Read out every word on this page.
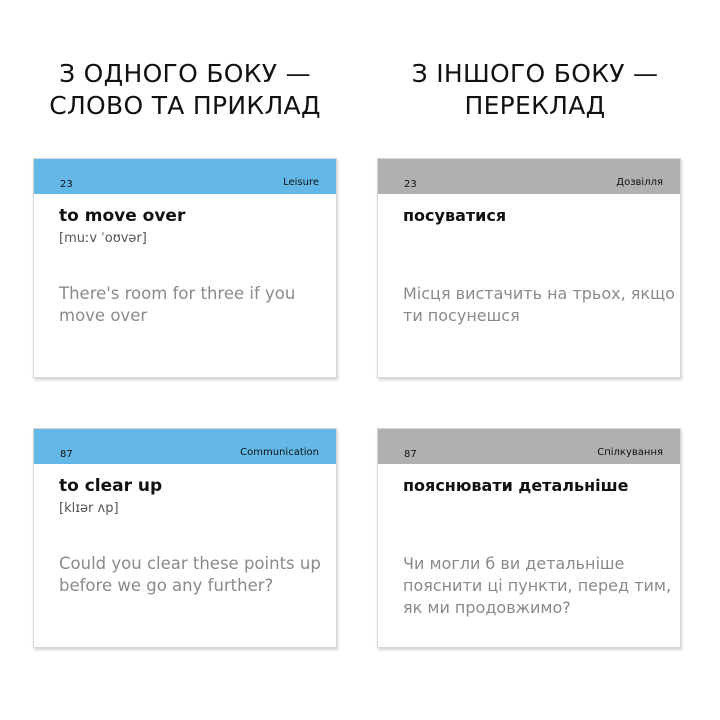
З ОДНОГО БОКУ —
СЛОВО ТА ПРИКЛАД
З ІНШОГО БОКУ —
ПЕРЕКЛАД
23	Leisure
to move over
[muːv ˈoʊvər]
There's room for three if you move over
23	Дозвілля
посуватися
Місця вистачить на трьох, якщо ти посунешся
87	Communication
to clear up
[klɪər ʌp]
Could you clear these points up before we go any further?
87	Спілкування
пояснювати детальніше
Чи могли б ви детальніше пояснити ці пункти, перед тим, як ми продовжимо?
